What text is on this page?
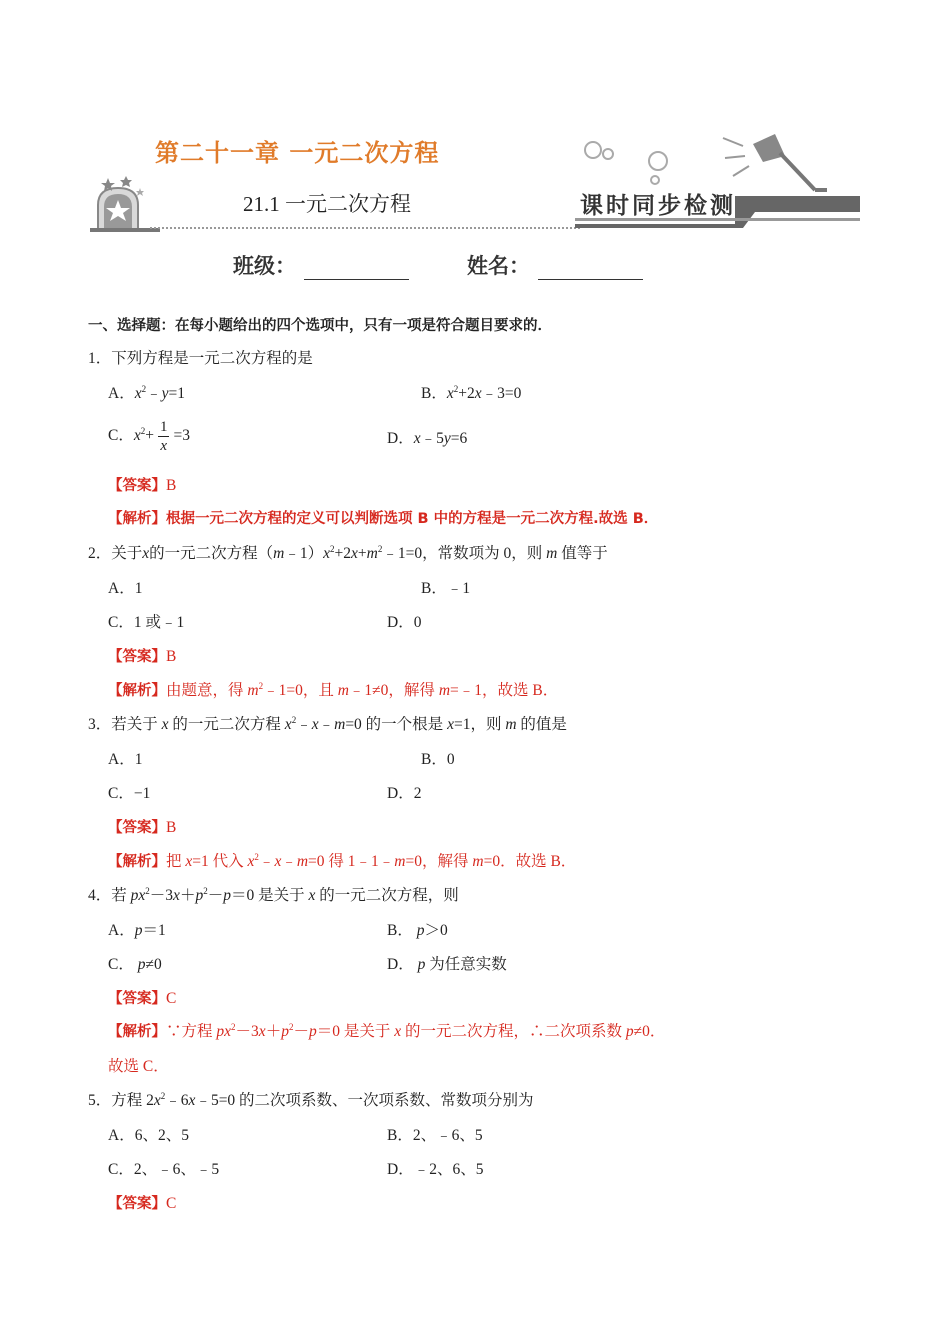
第二十一章 一元二次方程
21.1 一元二次方程	课时同步检测
班级：	姓名：
一、选择题：在每小题给出的四个选项中，只有一项是符合题目要求的．
1．下列方程是一元二次方程的是
A．$x^2﹣y=1$	B．$x^2+2x﹣3=0$
C．$x^2+ \frac{1}{x} =3$	D．x﹣5y=6
【答案】B
【解析】根据一元二次方程的定义可以判断选项 B 中的方程是一元二次方程.故选 B．
2．关于x的一元二次方程$(m﹣1)x^2+2x+m^2﹣1=0$，常数项为 0，则 m 值等于
A．1	B．﹣1
C．1 或﹣1	D．0
【答案】B
【解析】由题意，得 $m^2﹣1=0$，且 m﹣1≠0，解得 m=﹣1，故选 B．
3．若关于 x 的一元二次方程 $x^2﹣x﹣m=0$ 的一个根是 x=1，则 m 的值是
A．1	B．0
C．−1	D．2
【答案】B
【解析】把 x=1 代入 $x^2﹣x﹣m=0$ 得 1﹣1﹣m=0，解得 m=0．故选 B．
4．若 $px^2-3x+p^2-p=0$ 是关于 x 的一元二次方程，则
A．p＝1	B． p＞0
C． p≠0	D． p 为任意实数
【答案】C
【解析】∵方程 $px^2-3x+p^2-p=0$ 是关于 x 的一元二次方程，∴二次项系数 p≠0．
故选 C．
5．方程 $2x^2﹣6x﹣5=0$ 的二次项系数、一次项系数、常数项分别为
A．6、2、5	B．2、﹣6、5
C．2、﹣6、﹣5	D．﹣2、6、5
【答案】C
